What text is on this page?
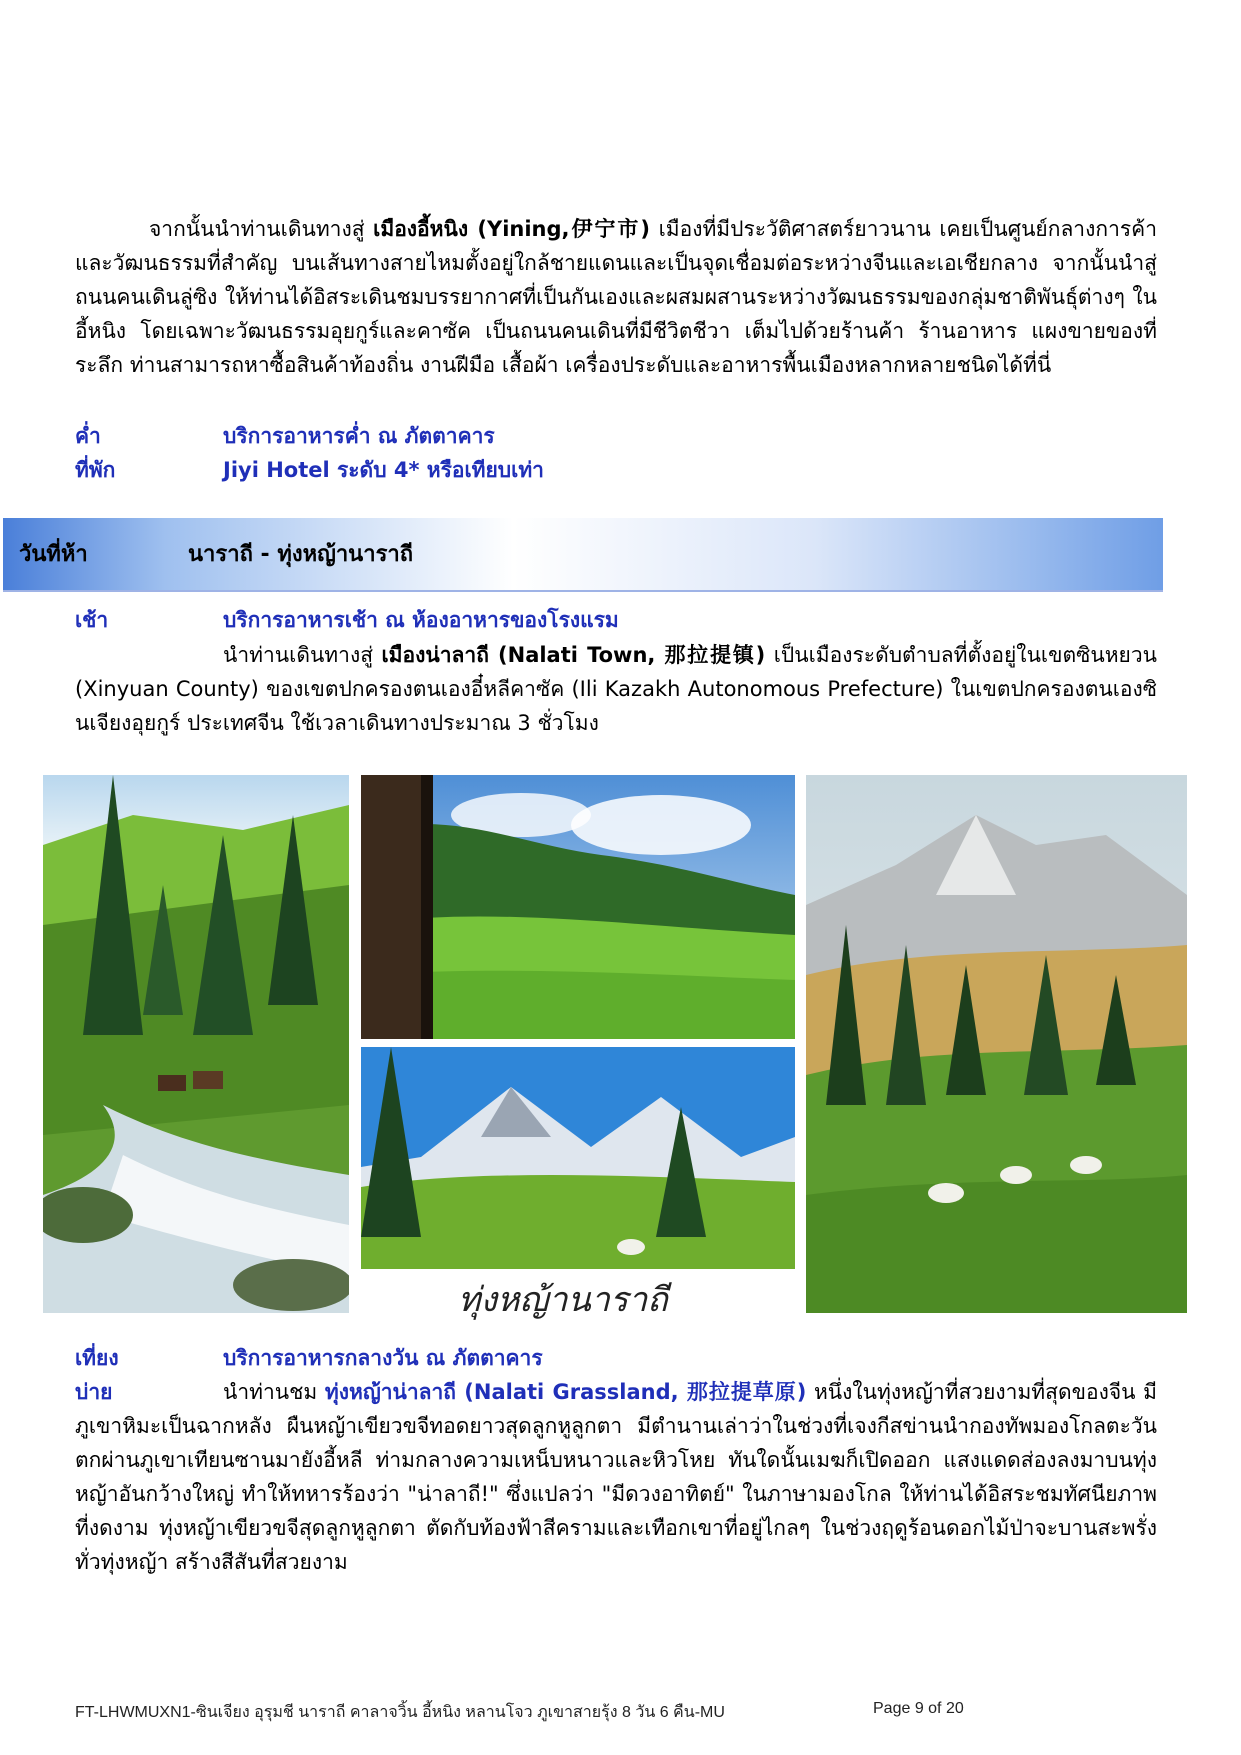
จากนั้นนำท่านเดินทางสู่ เมืองอี้หนิง (Yining,伊宁市) เมืองที่มีประวัติศาสตร์ยาวนาน เคยเป็นศูนย์กลางการค้าและวัฒนธรรมที่สำคัญ บนเส้นทางสายไหมตั้งอยู่ใกล้ชายแดนและเป็นจุดเชื่อมต่อระหว่างจีนและเอเชียกลาง จากนั้นนำสู่ ถนนคนเดินลู่ซิง ให้ท่านได้อิสระเดินชมบรรยากาศที่เป็นกันเองและผสมผสานระหว่างวัฒนธรรมของกลุ่มชาติพันธุ์ต่างๆ ในอี้หนิง โดยเฉพาะวัฒนธรรมอุยกูร์และคาซัค เป็นถนนคนเดินที่มีชีวิตชีวา เต็มไปด้วยร้านค้า ร้านอาหาร แผงขายของที่ระลึก ท่านสามารถหาซื้อสินค้าท้องถิ่น งานฝีมือ เสื้อผ้า เครื่องประดับและอาหารพื้นเมืองหลากหลายชนิดได้ที่นี่
ค่ำ	บริการอาหารค่ำ ณ ภัตตาคาร
ที่พัก	Jiyi Hotel ระดับ 4* หรือเทียบเท่า
วันที่ห้า	นาราถี - ทุ่งหญ้านาราถี
เช้า	บริการอาหารเช้า ณ ห้องอาหารของโรงแรม
นำท่านเดินทางสู่ เมืองน่าลาถี (Nalati Town, 那拉提镇) เป็นเมืองระดับตำบลที่ตั้งอยู่ในเขตซินหยวน (Xinyuan County) ของเขตปกครองตนเองอี๋หลีคาซัค (Ili Kazakh Autonomous Prefecture) ในเขตปกครองตนเองซินเจียงอุยกูร์ ประเทศจีน ใช้เวลาเดินทางประมาณ 3 ชั่วโมง
ทุ่งหญ้านาราถี
เที่ยง	บริการอาหารกลางวัน ณ ภัตตาคาร
บ่าย	นำท่านชม ทุ่งหญ้าน่าลาถี (Nalati Grassland, 那拉提草原) หนึ่งในทุ่งหญ้าที่สวยงามที่สุดของจีน มีภูเขาหิมะเป็นฉากหลัง ผืนหญ้าเขียวขจีทอดยาวสุดลูกหูลูกตา มีตำนานเล่าว่าในช่วงที่เจงกีสข่านนำกองทัพมองโกลตะวันตกผ่านภูเขาเทียนซานมายังอี้หลี ท่ามกลางความเหน็บหนาวและหิวโหย ทันใดนั้นเมฆก็เปิดออก แสงแดดส่องลงมาบนทุ่งหญ้าอันกว้างใหญ่ ทำให้ทหารร้องว่า "น่าลาถี!" ซึ่งแปลว่า "มีดวงอาทิตย์" ในภาษามองโกล ให้ท่านได้อิสระชมทัศนียภาพที่งดงาม ทุ่งหญ้าเขียวขจีสุดลูกหูลูกตา ตัดกับท้องฟ้าสีครามและเทือกเขาที่อยู่ไกลๆ ในช่วงฤดูร้อนดอกไม้ป่าจะบานสะพรั่งทั่วทุ่งหญ้า สร้างสีสันที่สวยงาม
FT-LHWMUXN1-ซินเจียง อุรุมชี นาราถี คาลาจวิ้น อี้หนิง หลานโจว ภูเขาสายรุ้ง 8 วัน 6 คืน-MU	Page 9 of 20
